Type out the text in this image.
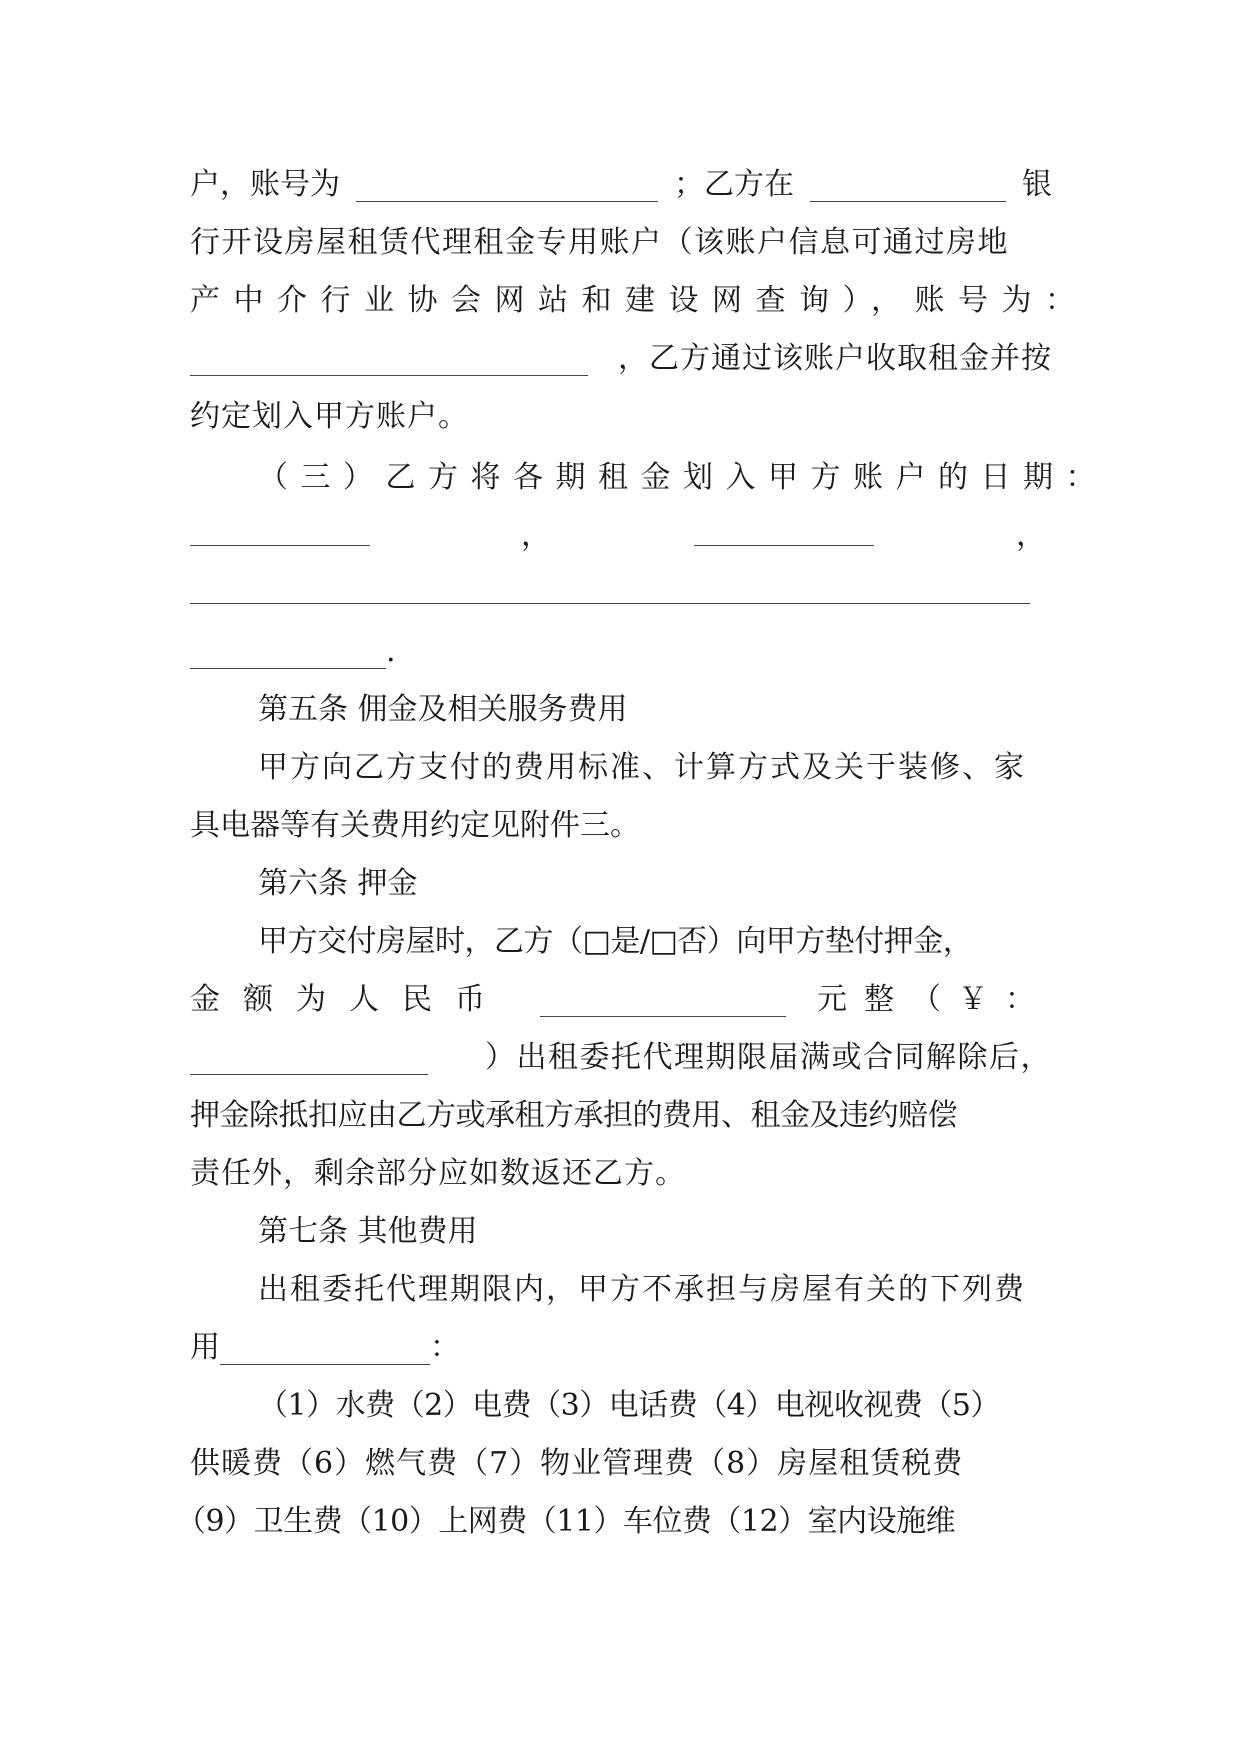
户，账号为	；乙方在	银
行开设房屋租赁代理租金专用账户（该账户信息可通过房地
产中介行业协会网站和建设网查询），账号为：
，乙方通过该账户收取租金并按
约定划入甲方账户。
（三）乙方将各期租金划入甲方账户的日期：
，	，
.
第五条 佣金及相关服务费用
甲方向乙方支付的费用标准、计算方式及关于装修、家
具电器等有关费用约定见附件三。
第六条 押金
甲方交付房屋时，乙方（□是/□否）向甲方垫付押金，
金额为人民币	元整（￥：
）出租委托代理期限届满或合同解除后，
押金除抵扣应由乙方或承租方承担的费用、租金及违约赔偿
责任外，剩余部分应如数返还乙方。
第七条 其他费用
出租委托代理期限内，甲方不承担与房屋有关的下列费
用	：
（1）水费（2）电费（3）电话费（4）电视收视费（5）
供暖费（6）燃气费（7）物业管理费（8）房屋租赁税费
（9）卫生费（10）上网费（11）车位费（12）室内设施维
